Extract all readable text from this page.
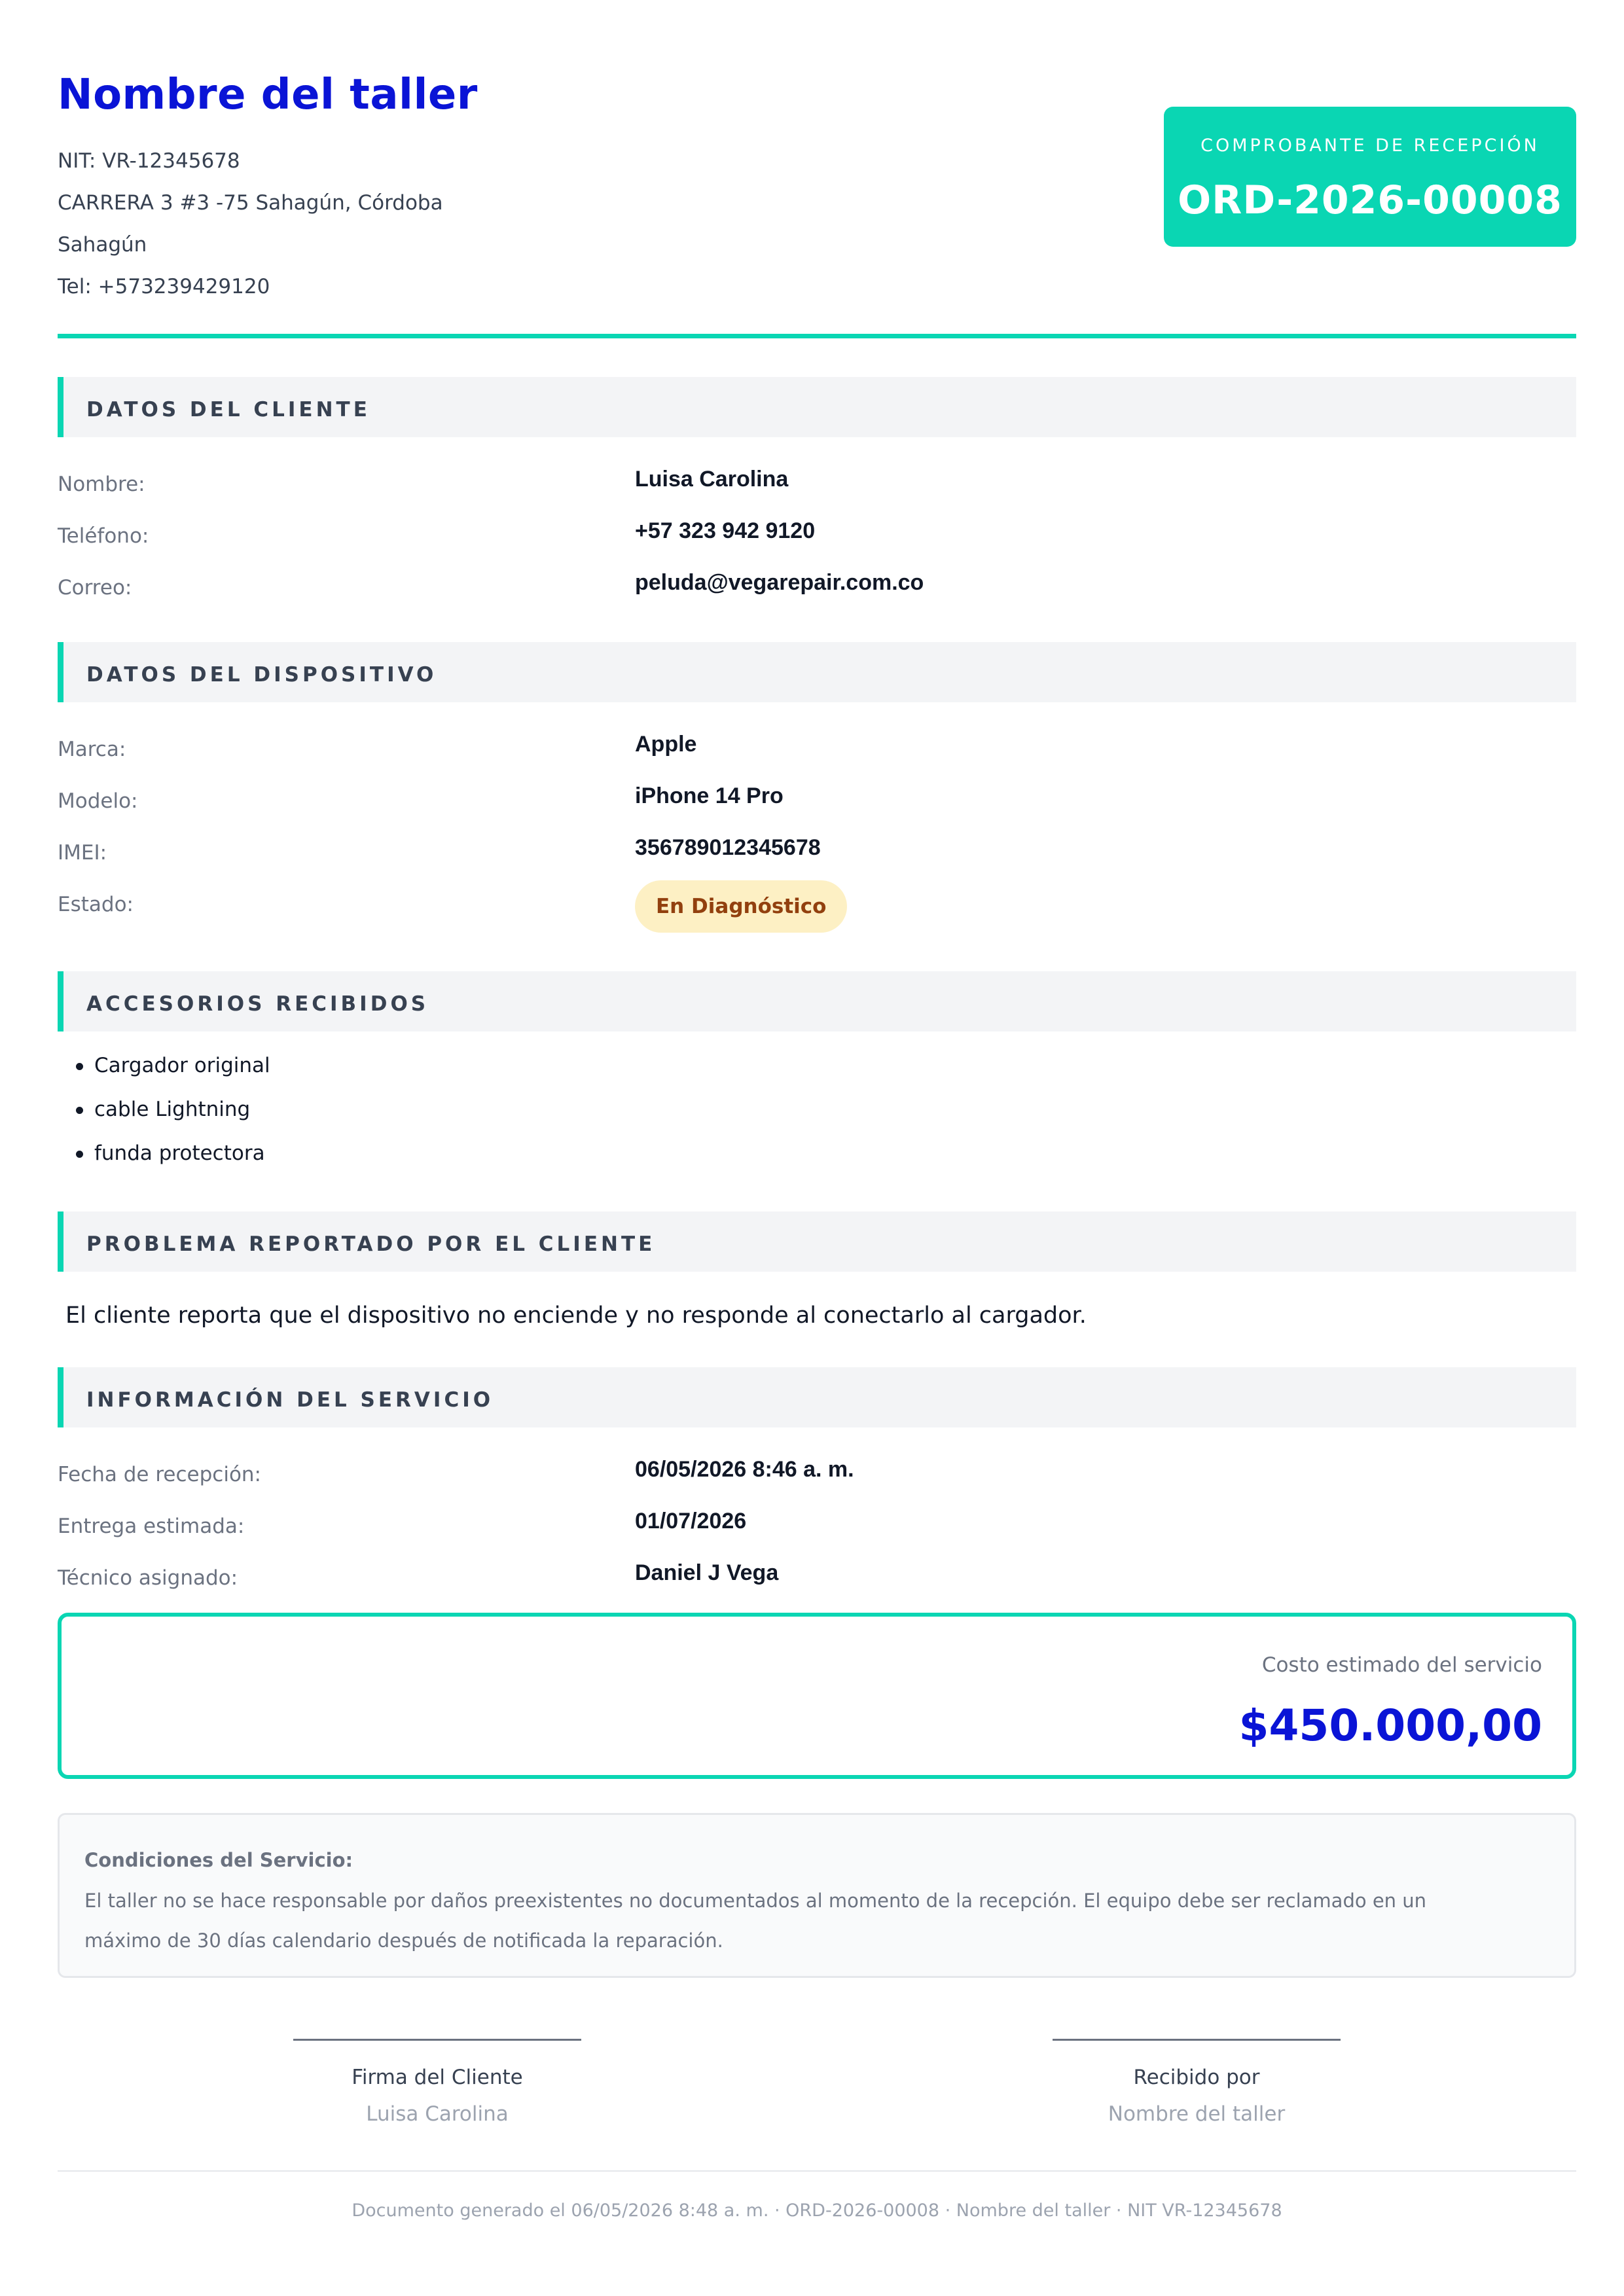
Nombre del taller
NIT: VR-12345678
CARRERA 3 #3 -75 Sahagún, Córdoba
Sahagún
Tel: +573239429120
COMPROBANTE DE RECEPCIÓN
ORD-2026-00008
DATOS DEL CLIENTE
Nombre:	Luisa Carolina
Teléfono:	+57 323 942 9120
Correo:	peluda@vegarepair.com.co
DATOS DEL DISPOSITIVO
Marca:	Apple
Modelo:	iPhone 14 Pro
IMEI:	356789012345678
Estado:	En Diagnóstico
ACCESORIOS RECIBIDOS
Cargador original
cable Lightning
funda protectora
PROBLEMA REPORTADO POR EL CLIENTE
El cliente reporta que el dispositivo no enciende y no responde al conectarlo al cargador.
INFORMACIÓN DEL SERVICIO
Fecha de recepción:	06/05/2026 8:46 a. m.
Entrega estimada:	01/07/2026
Técnico asignado:	Daniel J Vega
Costo estimado del servicio
$450.000,00
Condiciones del Servicio:
El taller no se hace responsable por daños preexistentes no documentados al momento de la recepción. El equipo debe ser reclamado en un
máximo de 30 días calendario después de notificada la reparación.
Firma del Cliente
Luisa Carolina
Recibido por
Nombre del taller
Documento generado el 06/05/2026 8:48 a. m. · ORD-2026-00008 · Nombre del taller · NIT VR-12345678
